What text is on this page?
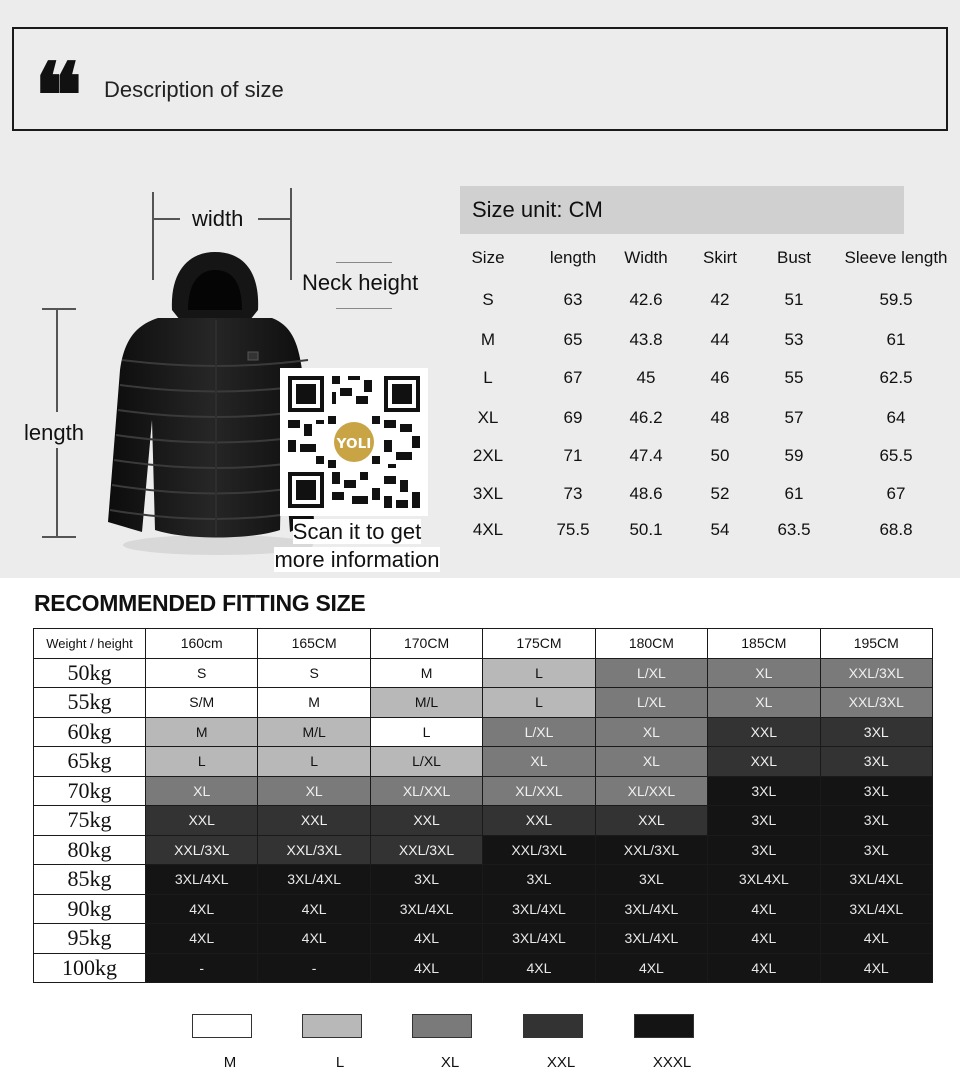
❝ Description of size
width
Neck height
length	YOLI
Scan it to get
more information
Size unit: CM
Size	length	Width	Skirt	Bust	Sleeve length
S	63	42.6	42	51	59.5
M	65	43.8	44	53	61
L	67	45	46	55	62.5
XL	69	46.2	48	57	64
2XL	71	47.4	50	59	65.5
3XL	73	48.6	52	61	67
4XL	75.5	50.1	54	63.5	68.8
RECOMMENDED FITTING SIZE
Weight / height	160cm	165CM	170CM	175CM	180CM	185CM	195CM
50kg	S	S	M	L	L/XL	XL	XXL/3XL
55kg	S/M	M	M/L	L	L/XL	XL	XXL/3XL
60kg	M	M/L	L	L/XL	XL	XXL	3XL
65kg	L	L	L/XL	XL	XL	XXL	3XL
70kg	XL	XL	XL/XXL	XL/XXL	XL/XXL	3XL	3XL
75kg	XXL	XXL	XXL	XXL	XXL	3XL	3XL
80kg	XXL/3XL	XXL/3XL	XXL/3XL	XXL/3XL	XXL/3XL	3XL	3XL
85kg	3XL/4XL	3XL/4XL	3XL	3XL	3XL	3XL4XL	3XL/4XL
90kg	4XL	4XL	3XL/4XL	3XL/4XL	3XL/4XL	4XL	3XL/4XL
95kg	4XL	4XL	4XL	3XL/4XL	3XL/4XL	4XL	4XL
100kg	-	-	4XL	4XL	4XL	4XL	4XL
M	L	XL	XXL	XXXL
